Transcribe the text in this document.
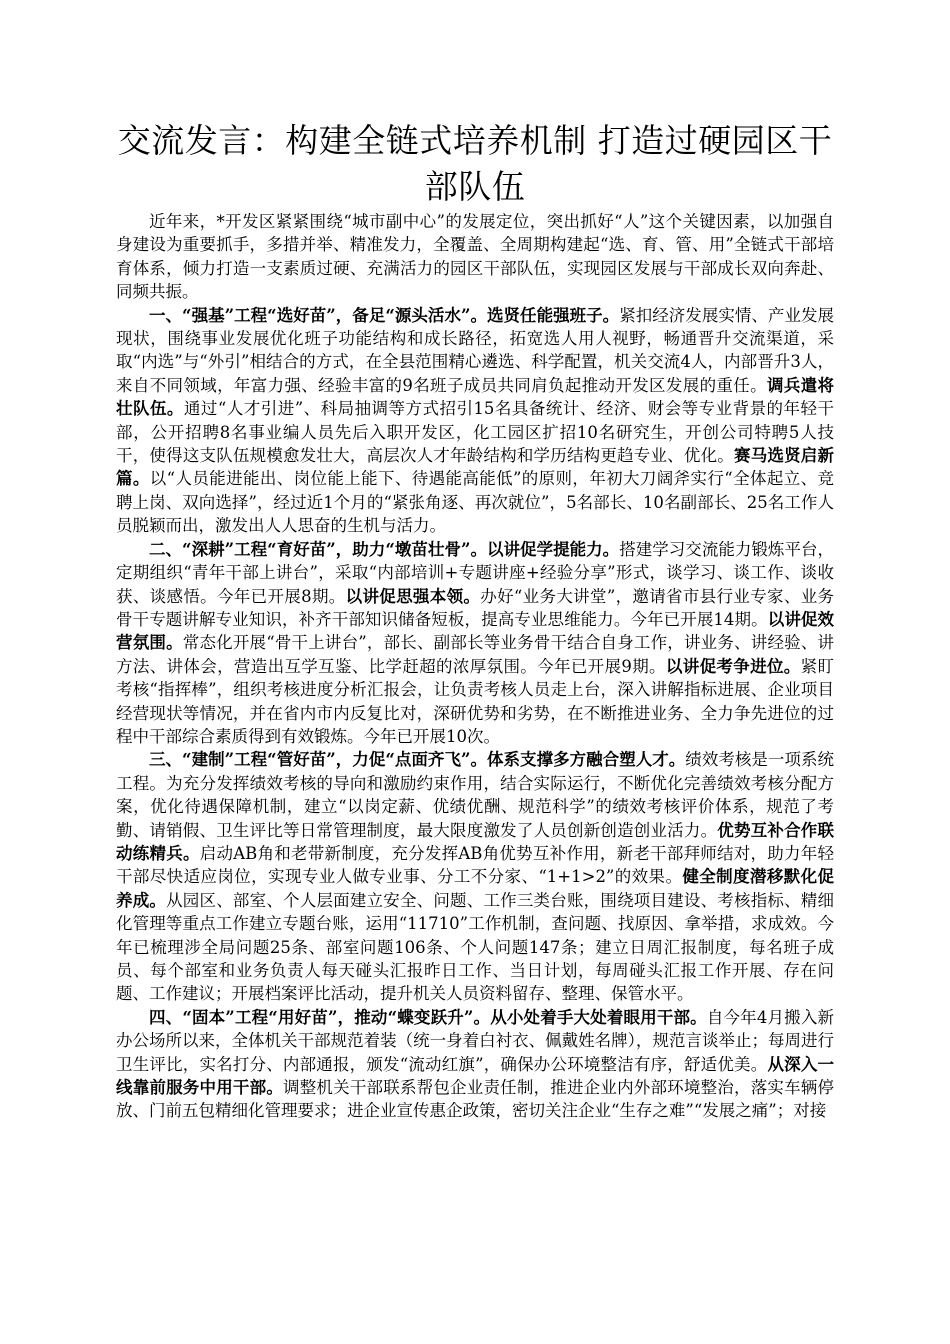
交流发言：构建全链式培养机制 打造过硬园区干部队伍

近年来，*开发区紧紧围绕“城市副中心”的发展定位，突出抓好“人”这个关键因素，以加强自身建设为重要抓手，多措并举、精准发力，全覆盖、全周期构建起“选、育、管、用”全链式干部培育体系，倾力打造一支素质过硬、充满活力的园区干部队伍，实现园区发展与干部成长双向奔赴、同频共振。

一、“强基”工程“选好苗”，备足“源头活水”。选贤任能强班子。紧扣经济发展实情、产业发展现状，围绕事业发展优化班子功能结构和成长路径，拓宽选人用人视野，畅通晋升交流渠道，采取“内选”与“外引”相结合的方式，在全县范围精心遴选、科学配置，机关交流4人，内部晋升3人，来自不同领域，年富力强、经验丰富的9名班子成员共同肩负起推动开发区发展的重任。调兵遣将壮队伍。通过“人才引进”、科局抽调等方式招引15名具备统计、经济、财会等专业背景的年轻干部，公开招聘8名事业编人员先后入职开发区，化工园区扩招10名研究生，开创公司特聘5人技干，使得这支队伍规模愈发壮大，高层次人才年龄结构和学历结构更趋专业、优化。赛马选贤启新篇。以“人员能进能出、岗位能上能下、待遇能高能低”的原则，年初大刀阔斧实行“全体起立、竞聘上岗、双向选择”，经过近1个月的“紧张角逐、再次就位”，5名部长、10名副部长、25名工作人员脱颖而出，激发出人人思奋的生机与活力。

二、“深耕”工程“育好苗”，助力“墩苗壮骨”。以讲促学提能力。搭建学习交流能力锻炼平台，定期组织“青年干部上讲台”，采取“内部培训+专题讲座+经验分享”形式，谈学习、谈工作、谈收获、谈感悟。今年已开展8期。以讲促思强本领。办好“业务大讲堂”，邀请省市县行业专家、业务骨干专题讲解专业知识，补齐干部知识储备短板，提高专业思维能力。今年已开展14期。以讲促效营氛围。常态化开展“骨干上讲台”，部长、副部长等业务骨干结合自身工作，讲业务、讲经验、讲方法、讲体会，营造出互学互鉴、比学赶超的浓厚氛围。今年已开展9期。以讲促考争进位。紧盯考核“指挥棒”，组织考核进度分析汇报会，让负责考核人员走上台，深入讲解指标进展、企业项目经营现状等情况，并在省内市内反复比对，深研优势和劣势，在不断推进业务、全力争先进位的过程中干部综合素质得到有效锻炼。今年已开展10次。

三、“建制”工程“管好苗”，力促“点面齐飞”。体系支撑多方融合塑人才。绩效考核是一项系统工程。为充分发挥绩效考核的导向和激励约束作用，结合实际运行，不断优化完善绩效考核分配方案，优化待遇保障机制，建立“以岗定薪、优绩优酬、规范科学”的绩效考核评价体系，规范了考勤、请销假、卫生评比等日常管理制度，最大限度激发了人员创新创造创业活力。优势互补合作联动练精兵。启动AB角和老带新制度，充分发挥AB角优势互补作用，新老干部拜师结对，助力年轻干部尽快适应岗位，实现专业人做专业事、分工不分家、“1+1>2”的效果。健全制度潜移默化促养成。从园区、部室、个人层面建立安全、问题、工作三类台账，围绕项目建设、考核指标、精细化管理等重点工作建立专题台账，运用“11710”工作机制，查问题、找原因、拿举措，求成效。今年已梳理涉全局问题25条、部室问题106条、个人问题147条；建立日周汇报制度，每名班子成员、每个部室和业务负责人每天碰头汇报昨日工作、当日计划，每周碰头汇报工作开展、存在问题、工作建议；开展档案评比活动，提升机关人员资料留存、整理、保管水平。

四、“固本”工程“用好苗”，推动“蝶变跃升”。从小处着手大处着眼用干部。自今年4月搬入新办公场所以来，全体机关干部规范着装（统一身着白衬衣、佩戴姓名牌），规范言谈举止；每周进行卫生评比，实名打分、内部通报，颁发“流动红旗”，确保办公环境整洁有序，舒适优美。从深入一线靠前服务中用干部。调整机关干部联系帮包企业责任制，推进企业内外部环境整治，落实车辆停放、门前五包精细化管理要求；进企业宣传惠企政策，密切关注企业“生存之难”“发展之痛”；对接
